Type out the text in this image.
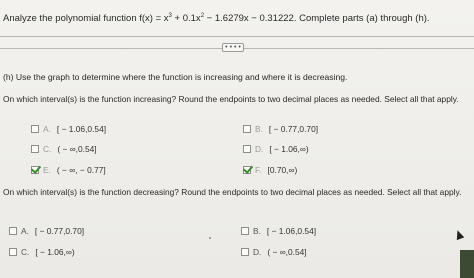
Analyze the polynomial function $f(x) = x^3 + 0.1x^2 - 1.6279x - 0.31222$. Complete parts (a) through (h).
• • • •
(h) Use the graph to determine where the function is increasing and where it is decreasing.
On which interval(s) is the function increasing? Round the endpoints to two decimal places as needed. Select all that apply.
A. [ − 1.06,0.54]	B. [ − 0.77,0.70]
C. ( − ∞,0.54]	D. [ − 1.06,∞)
E. ( − ∞, − 0.77]	F. [0.70,∞)
On which interval(s) is the function decreasing? Round the endpoints to two decimal places as needed. Select all that apply.
A. [ − 0.77,0.70]	B. [ − 1.06,0.54]
C. [ − 1.06,∞)	D. ( − ∞,0.54]
